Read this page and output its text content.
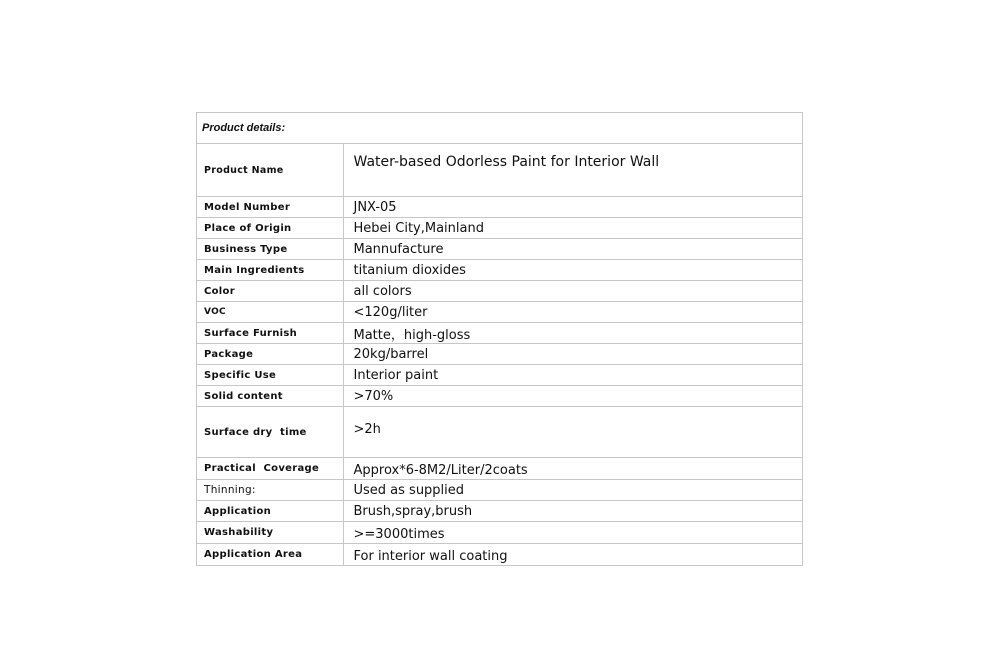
Product details:	
Product Name	Water-based Odorless Paint for Interior Wall
Model Number	JNX-05
Place of Origin	Hebei City,Mainland
Business Type	Mannufacture
Main Ingredients	titanium dioxides
Color	all colors
VOC	<120g/liter
Surface Furnish	Matte，high-gloss
Package	20kg/barrel
Specific Use	Interior paint
Solid content	>70%
Surface dry  time	>2h
Practical  Coverage	Approx*6-8M2/Liter/2coats
Thinning:	Used as supplied
Application	Brush,spray,brush
Washability	>=3000times
Application Area	For interior wall coating
